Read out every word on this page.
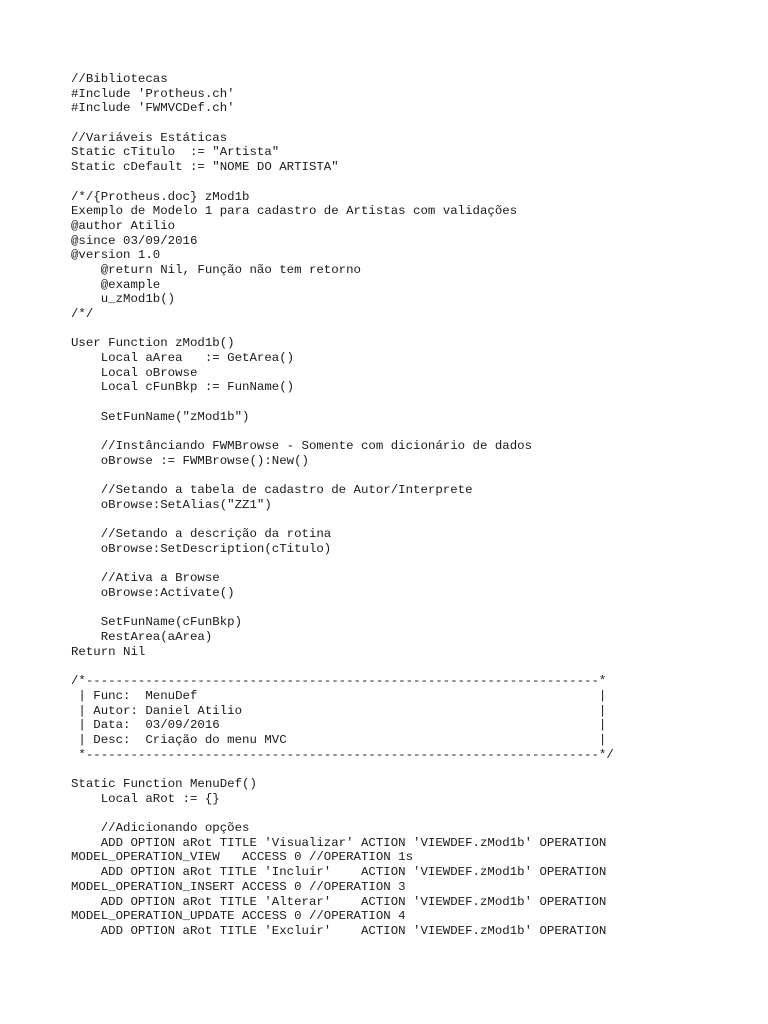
//Bibliotecas
#Include 'Protheus.ch'
#Include 'FWMVCDef.ch'
//Variáveis Estáticas
Static cTitulo  := "Artista"
Static cDefault := "NOME DO ARTISTA"
/*/{Protheus.doc} zMod1b
Exemplo de Modelo 1 para cadastro de Artistas com validações
@author Atilio
@since 03/09/2016
@version 1.0
@return Nil, Função não tem retorno
@example
u_zMod1b()
/*/
User Function zMod1b()
Local aArea   := GetArea()
Local oBrowse
Local cFunBkp := FunName()
SetFunName("zMod1b")
//Instânciando FWMBrowse - Somente com dicionário de dados
oBrowse := FWMBrowse():New()
//Setando a tabela de cadastro de Autor/Interprete
oBrowse:SetAlias("ZZ1")
//Setando a descrição da rotina
oBrowse:SetDescription(cTitulo)
//Ativa a Browse
oBrowse:Activate()
SetFunName(cFunBkp)
RestArea(aArea)
Return Nil
/*---------------------------------------------------------------------*
| Func:  MenuDef                                                      |
| Autor: Daniel Atilio                                                |
| Data:  03/09/2016                                                   |
| Desc:  Criação do menu MVC                                          |
*---------------------------------------------------------------------*/
Static Function MenuDef()
Local aRot := {}
//Adicionando opções
ADD OPTION aRot TITLE 'Visualizar' ACTION 'VIEWDEF.zMod1b' OPERATION
MODEL_OPERATION_VIEW   ACCESS 0 //OPERATION 1s
ADD OPTION aRot TITLE 'Incluir'    ACTION 'VIEWDEF.zMod1b' OPERATION
MODEL_OPERATION_INSERT ACCESS 0 //OPERATION 3
ADD OPTION aRot TITLE 'Alterar'    ACTION 'VIEWDEF.zMod1b' OPERATION
MODEL_OPERATION_UPDATE ACCESS 0 //OPERATION 4
ADD OPTION aRot TITLE 'Excluir'    ACTION 'VIEWDEF.zMod1b' OPERATION
